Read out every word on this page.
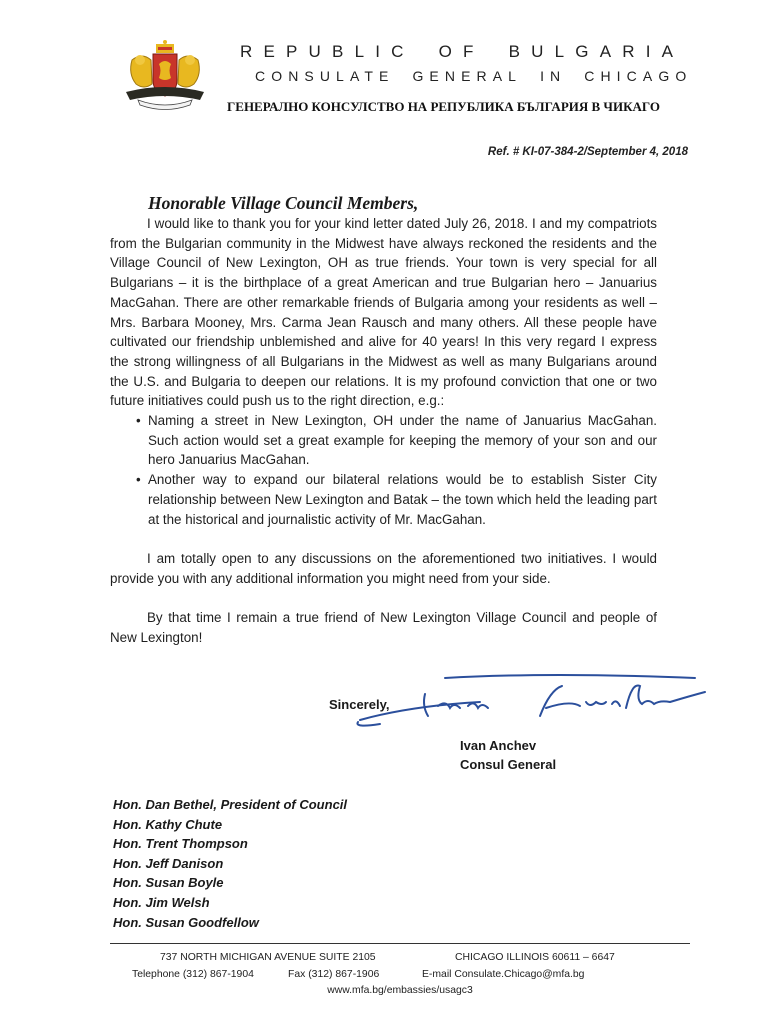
REPUBLIC OF BULGARIA
CONSULATE GENERAL IN CHICAGO
ГЕНЕРАЛНО КОНСУЛСТВО НА РЕПУБЛИКА БЪЛГАРИЯ В ЧИКАГО
Ref. # KI-07-384-2/September 4, 2018
Honorable Village Council Members,

I would like to thank you for your kind letter dated July 26, 2018. I and my compatriots from the Bulgarian community in the Midwest have always reckoned the residents and the Village Council of New Lexington, OH as true friends. Your town is very special for all Bulgarians – it is the birthplace of a great American and true Bulgarian hero – Januarius MacGahan. There are other remarkable friends of Bulgaria among your residents as well – Mrs. Barbara Mooney, Mrs. Carma Jean Rausch and many others. All these people have cultivated our friendship unblemished and alive for 40 years! In this very regard I express the strong willingness of all Bulgarians in the Midwest as well as many Bulgarians around the U.S. and Bulgaria to deepen our relations. It is my profound conviction that one or two future initiatives could push us to the right direction, e.g.:

• Naming a street in New Lexington, OH under the name of Januarius MacGahan. Such action would set a great example for keeping the memory of your son and our hero Januarius MacGahan.
• Another way to expand our bilateral relations would be to establish Sister City relationship between New Lexington and Batak – the town which held the leading part at the historical and journalistic activity of Mr. MacGahan.

I am totally open to any discussions on the aforementioned two initiatives. I would provide you with any additional information you might need from your side.

By that time I remain a true friend of New Lexington Village Council and people of New Lexington!

Sincerely,
Ivan Anchev
Consul General
Hon. Dan Bethel, President of Council
Hon. Kathy Chute
Hon. Trent Thompson
Hon. Jeff Danison
Hon. Susan Boyle
Hon. Jim Welsh
Hon. Susan Goodfellow
737 NORTH MICHIGAN AVENUE SUITE 2105	CHICAGO ILLINOIS 60611 – 6647
Telephone (312) 867-1904	Fax (312) 867-1906	E-mail Consulate.Chicago@mfa.bg
www.mfa.bg/embassies/usagc3
